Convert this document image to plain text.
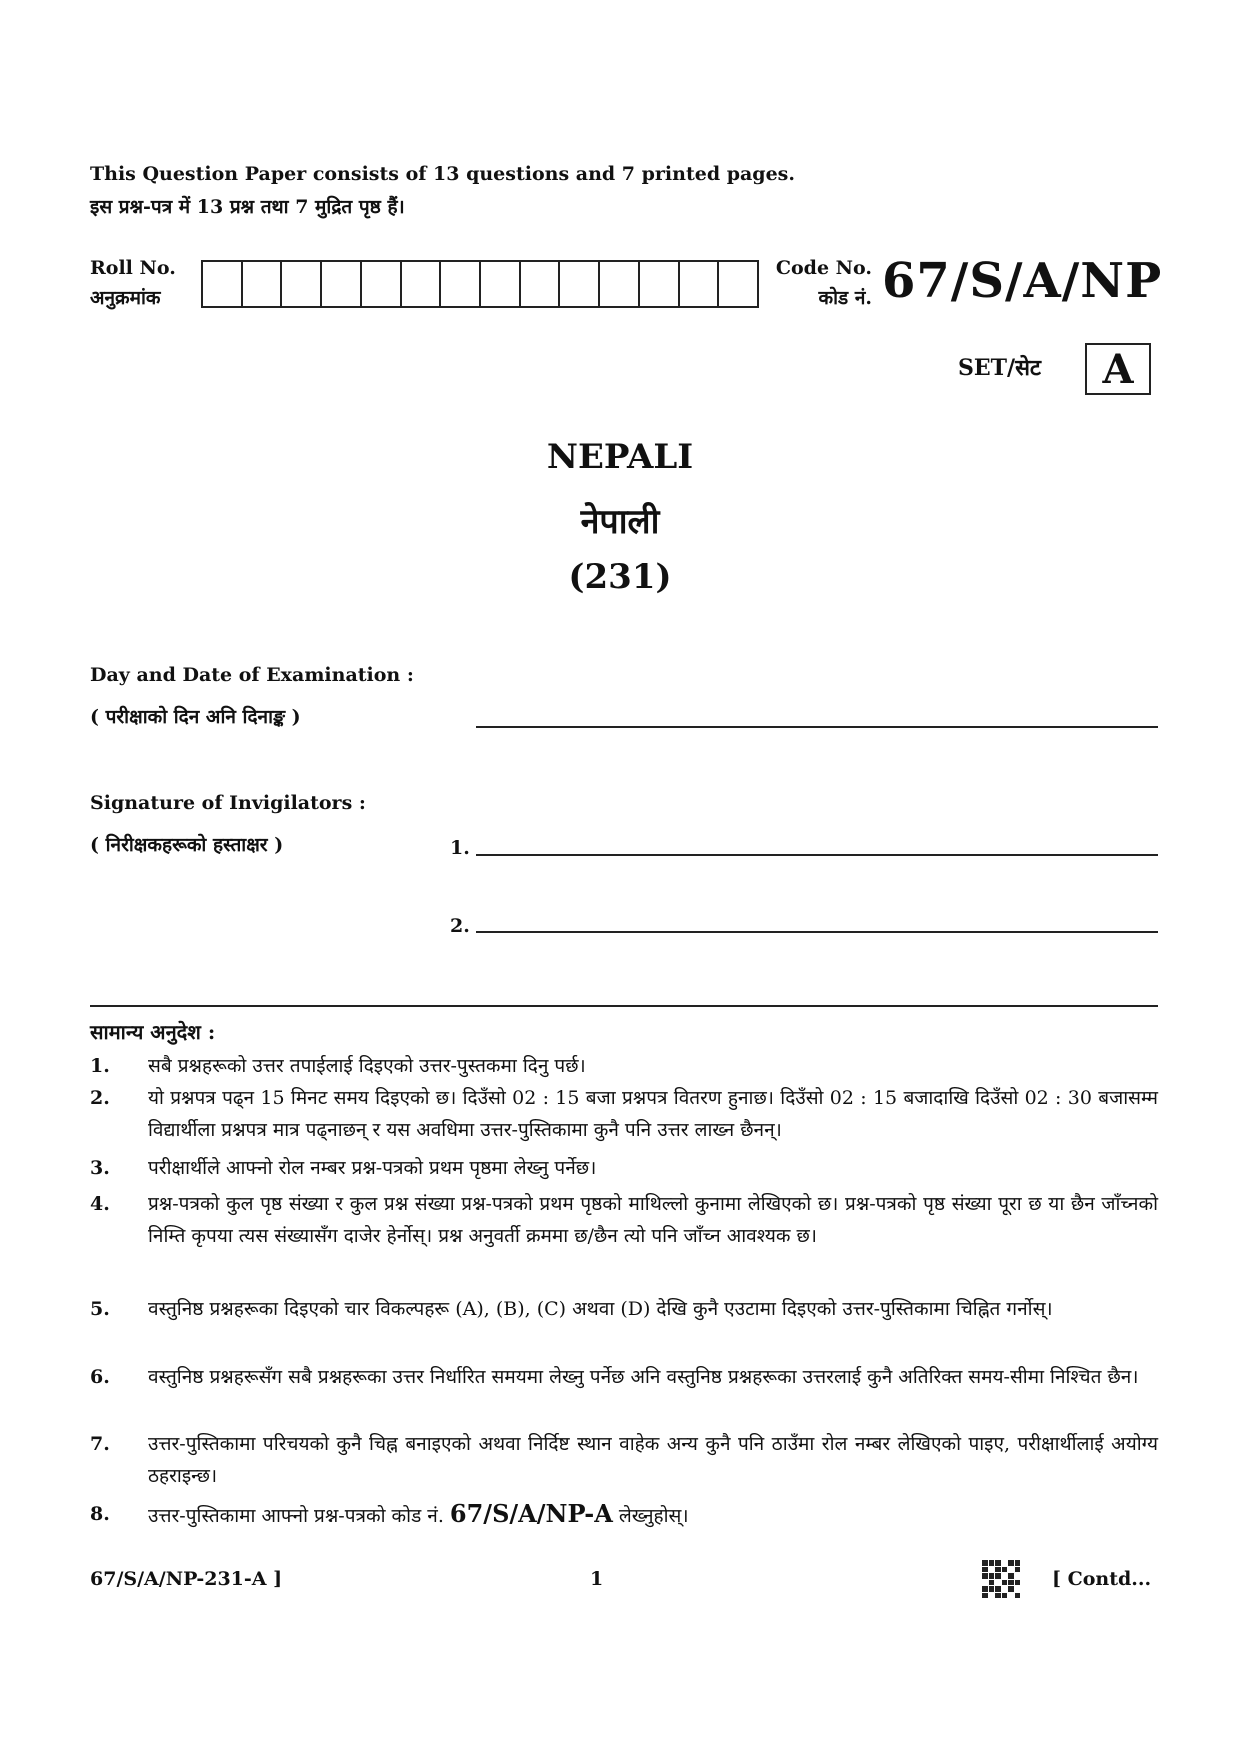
This Question Paper consists of 13 questions and 7 printed pages.
इस प्रश्न-पत्र में 13 प्रश्न तथा 7 मुद्रित पृष्ठ हैं।
Roll No.
अनुक्रमांक
Code No.
कोड नं. 67/S/A/NP
SET/सेट	A
NEPALI
नेपाली
(231)
Day and Date of Examination :
( परीक्षाको दिन अनि दिनाङ्क )
Signature of Invigilators :
( निरीक्षकहरूको हस्ताक्षर )	1.
2.
सामान्य अनुदेश :
1. सबै प्रश्नहरूको उत्तर तपाईलाई दिइएको उत्तर-पुस्तकमा दिनु पर्छ।
2. यो प्रश्नपत्र पढ्न 15 मिनट समय दिइएको छ। दिउँसो 02 : 15 बजा प्रश्नपत्र वितरण हुनाछ। दिउँसो 02 : 15 बजादाखि दिउँसो 02 : 30 बजासम्म विद्यार्थीला प्रश्नपत्र मात्र पढ्नाछन् र यस अवधिमा उत्तर-पुस्तिकामा कुनै पनि उत्तर लाख्न छैनन्।
3. परीक्षार्थीले आफ्नो रोल नम्बर प्रश्न-पत्रको प्रथम पृष्ठमा लेख्नु पर्नेछ।
4. प्रश्न-पत्रको कुल पृष्ठ संख्या र कुल प्रश्न संख्या प्रश्न-पत्रको प्रथम पृष्ठको माथिल्लो कुनामा लेखिएको छ। प्रश्न-पत्रको पृष्ठ संख्या पूरा छ या छैन जाँच्नको निम्ति कृपया त्यस संख्यासँग दाजेर हेर्नोस्। प्रश्न अनुवर्ती क्रममा छ/छैन त्यो पनि जाँच्न आवश्यक छ।
5. वस्तुनिष्ठ प्रश्नहरूका दिइएको चार विकल्पहरू (A), (B), (C) अथवा (D) देखि कुनै एउटामा दिइएको उत्तर-पुस्तिकामा चिह्नित गर्नोस्।
6. वस्तुनिष्ठ प्रश्नहरूसँग सबै प्रश्नहरूका उत्तर निर्धारित समयमा लेख्नु पर्नेछ अनि वस्तुनिष्ठ प्रश्नहरूका उत्तरलाई कुनै अतिरिक्त समय-सीमा निश्चित छैन।
7. उत्तर-पुस्तिकामा परिचयको कुनै चिह्न बनाइएको अथवा निर्दिष्ट स्थान वाहेक अन्य कुनै पनि ठाउँमा रोल नम्बर लेखिएको पाइए, परीक्षार्थीलाई अयोग्य ठहराइन्छ।
8. उत्तर-पुस्तिकामा आफ्नो प्रश्न-पत्रको कोड नं. 67/S/A/NP-A लेख्नुहोस्।
67/S/A/NP-231-A ]	1	[ Contd...
